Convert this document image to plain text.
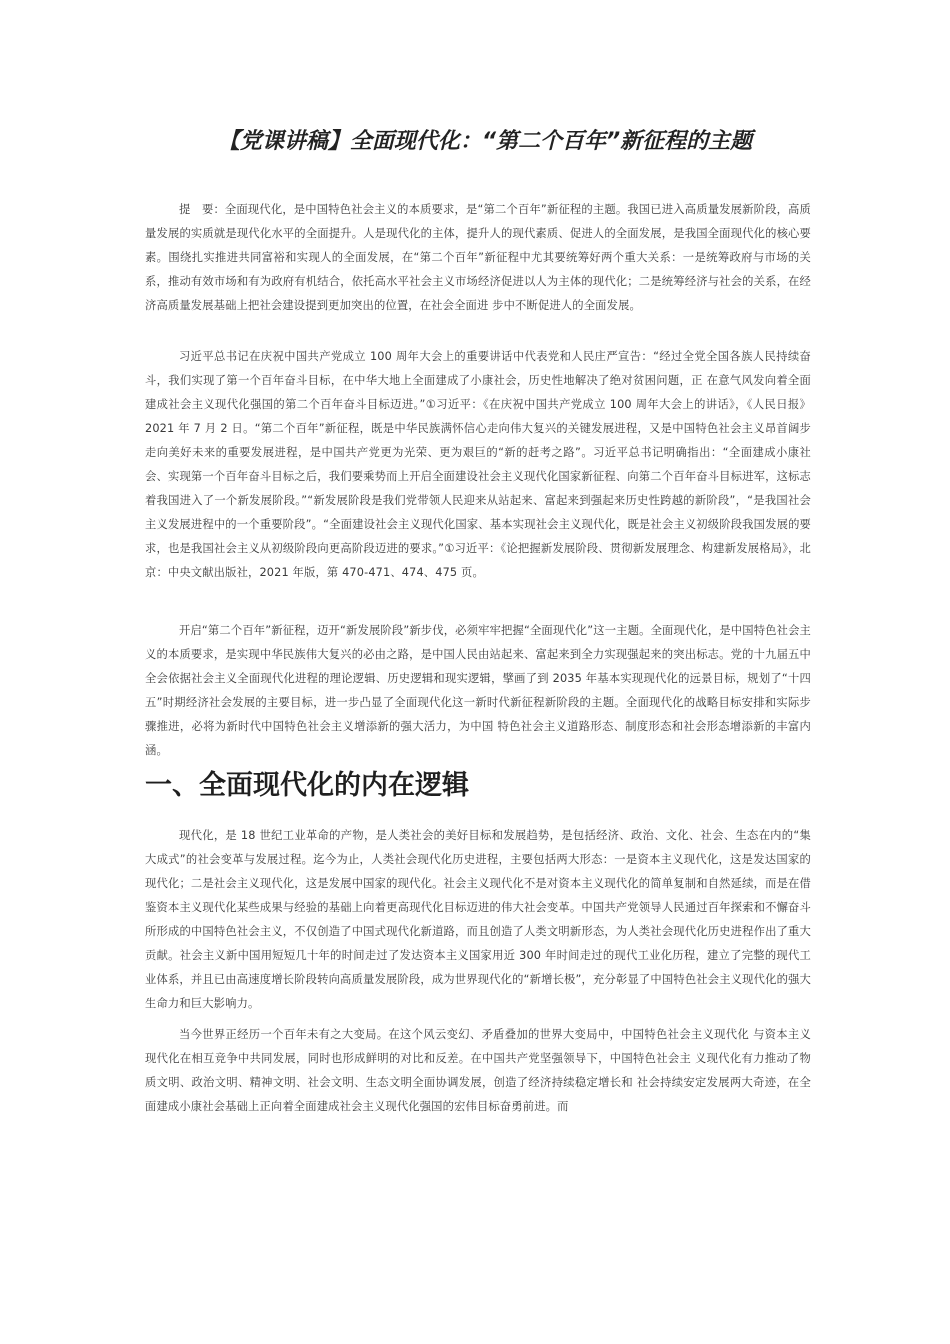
【党课讲稿】全面现代化：“第二个百年”新征程的主题

提　要：全面现代化，是中国特色社会主义的本质要求，是“第二个百年”新征程的主题。我国已进入高质量发展新阶段，高质量发展的实质就是现代化水平的全面提升。人是现代化的主体，提升人的现代素质、促进人的全面发展，是我国全面现代化的核心要素。围绕扎实推进共同富裕和实现人的全面发展，在“第二个百年”新征程中尤其要统筹好两个重大关系：一是统筹政府与市场的关系，推动有效市场和有为政府有机结合，依托高水平社会主义市场经济促进以人为主体的现代化；二是统筹经济与社会的关系，在经济高质量发展基础上把社会建设提到更加突出的位置，在社会全面进 步中不断促进人的全面发展。

习近平总书记在庆祝中国共产党成立 100 周年大会上的重要讲话中代表党和人民庄严宣告：“经过全党全国各族人民持续奋斗，我们实现了第一个百年奋斗目标，在中华大地上全面建成了小康社会，历史性地解决了绝对贫困问题，正 在意气风发向着全面建成社会主义现代化强国的第二个百年奋斗目标迈进。”①习近平：《在庆祝中国共产党成立 100 周年大会上的讲话》，《人民日报》2021 年 7 月 2 日。“第二个百年”新征程，既是中华民族满怀信心走向伟大复兴的关键发展进程，又是中国特色社会主义昂首阔步走向美好未来的重要发展进程，是中国共产党更为光荣、更为艰巨的“新的赶考之路”。习近平总书记明确指出：“全面建成小康社会、实现第一个百年奋斗目标之后，我们要乘势而上开启全面建设社会主义现代化国家新征程、向第二个百年奋斗目标进军，这标志着我国进入了一个新发展阶段。”“新发展阶段是我们党带领人民迎来从站起来、富起来到强起来历史性跨越的新阶段”，“是我国社会主义发展进程中的一个重要阶段”。“全面建设社会主义现代化国家、基本实现社会主义现代化，既是社会主义初级阶段我国发展的要求，也是我国社会主义从初级阶段向更高阶段迈进的要求。”①习近平：《论把握新发展阶段、贯彻新发展理念、构建新发展格局》，北京：中央文献出版社，2021 年版，第 470-471、474、475 页。

开启“第二个百年”新征程，迈开“新发展阶段”新步伐，必须牢牢把握“全面现代化”这一主题。全面现代化，是中国特色社会主义的本质要求，是实现中华民族伟大复兴的必由之路，是中国人民由站起来、富起来到全力实现强起来的突出标志。党的十九届五中全会依据社会主义全面现代化进程的理论逻辑、历史逻辑和现实逻辑，擘画了到 2035 年基本实现现代化的远景目标，规划了“十四五”时期经济社会发展的主要目标，进一步凸显了全面现代化这一新时代新征程新阶段的主题。全面现代化的战略目标安排和实际步骤推进，必将为新时代中国特色社会主义增添新的强大活力，为中国 特色社会主义道路形态、制度形态和社会形态增添新的丰富内涵。

一、全面现代化的内在逻辑

现代化，是 18 世纪工业革命的产物，是人类社会的美好目标和发展趋势，是包括经济、政治、文化、社会、生态在内的“集大成式”的社会变革与发展过程。迄今为止，人类社会现代化历史进程，主要包括两大形态：一是资本主义现代化，这是发达国家的现代化；二是社会主义现代化，这是发展中国家的现代化。社会主义现代化不是对资本主义现代化的简单复制和自然延续，而是在借鉴资本主义现代化某些成果与经验的基础上向着更高现代化目标迈进的伟大社会变革。中国共产党领导人民通过百年探索和不懈奋斗所形成的中国特色社会主义，不仅创造了中国式现代化新道路，而且创造了人类文明新形态，为人类社会现代化历史进程作出了重大贡献。社会主义新中国用短短几十年的时间走过了发达资本主义国家用近 300 年时间走过的现代工业化历程，建立了完整的现代工业体系，并且已由高速度增长阶段转向高质量发展阶段，成为世界现代化的“新增长极”，充分彰显了中国特色社会主义现代化的强大生命力和巨大影响力。

当今世界正经历一个百年未有之大变局。在这个风云变幻、矛盾叠加的世界大变局中，中国特色社会主义现代化 与资本主义现代化在相互竞争中共同发展，同时也形成鲜明的对比和反差。在中国共产党坚强领导下，中国特色社会主 义现代化有力推动了物质文明、政治文明、精神文明、社会文明、生态文明全面协调发展，创造了经济持续稳定增长和 社会持续安定发展两大奇迹，在全面建成小康社会基础上正向着全面建成社会主义现代化强国的宏伟目标奋勇前进。而
